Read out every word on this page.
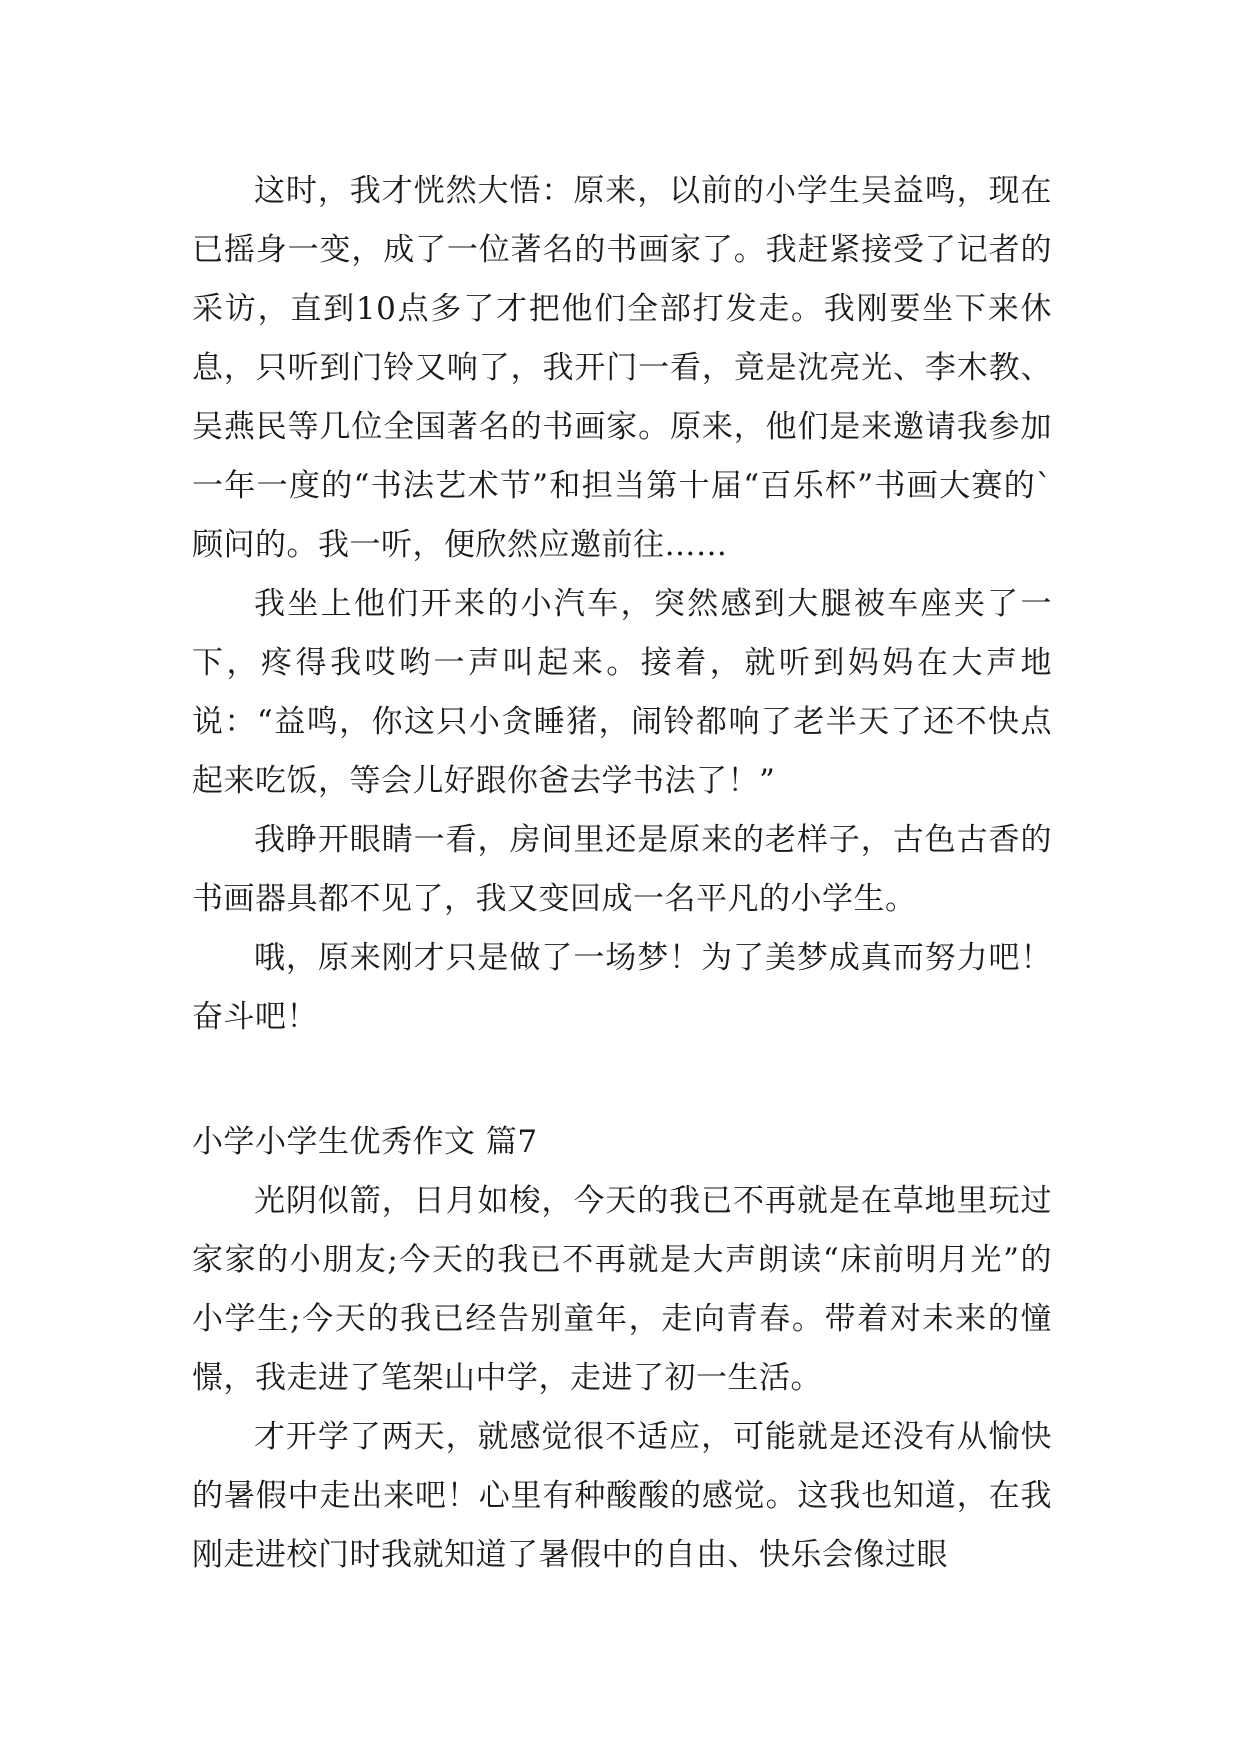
这时，我才恍然大悟：原来，以前的小学生吴益鸣，现在已摇身一变，成了一位著名的书画家了。我赶紧接受了记者的采访，直到10点多了才把他们全部打发走。我刚要坐下来休息，只听到门铃又响了，我开门一看，竟是沈亮光、李木教、吴燕民等几位全国著名的书画家。原来，他们是来邀请我参加一年一度的“书法艺术节”和担当第十届“百乐杯”书画大赛的`顾问的。我一听，便欣然应邀前往……

我坐上他们开来的小汽车，突然感到大腿被车座夹了一下，疼得我哎哟一声叫起来。接着，就听到妈妈在大声地说：“益鸣，你这只小贪睡猪，闹铃都响了老半天了还不快点起来吃饭，等会儿好跟你爸去学书法了！”

我睁开眼睛一看，房间里还是原来的老样子，古色古香的书画器具都不见了，我又变回成一名平凡的小学生。

哦，原来刚才只是做了一场梦！为了美梦成真而努力吧！奋斗吧！

小学小学生优秀作文 篇7

光阴似箭，日月如梭，今天的我已不再就是在草地里玩过家家的小朋友;今天的我已不再就是大声朗读“床前明月光”的小学生;今天的我已经告别童年，走向青春。带着对未来的憧憬，我走进了笔架山中学，走进了初一生活。

才开学了两天，就感觉很不适应，可能就是还没有从愉快的暑假中走出来吧！心里有种酸酸的感觉。这我也知道，在我刚走进校门时我就知道了暑假中的自由、快乐会像过眼
